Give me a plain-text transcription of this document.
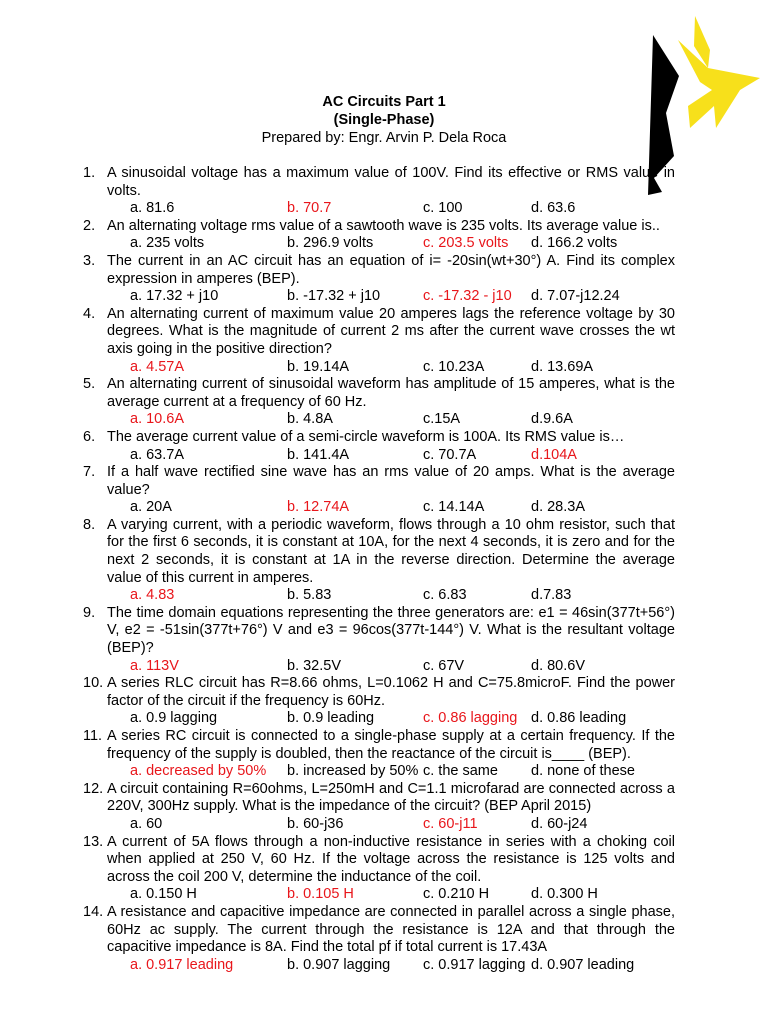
AC Circuits Part 1
(Single-Phase)
Prepared by: Engr. Arvin P. Dela Roca
1. A sinusoidal voltage has a maximum value of 100V. Find its effective or RMS value in volts.
a. 81.6	b. 70.7	c. 100	d. 63.6
2. An alternating voltage rms value of a sawtooth wave is 235 volts. Its average value is..
a. 235 volts	b. 296.9 volts	c. 203.5 volts d. 166.2 volts
3. The current in an AC circuit has an equation of i= -20sin(wt+30°) A. Find its complex expression in amperes (BEP).
a. 17.32 + j10	b. -17.32 + j10	c. -17.32 - j10 d. 7.07-j12.24
4. An alternating current of maximum value 20 amperes lags the reference voltage by 30 degrees. What is the magnitude of current 2 ms after the current wave crosses the wt axis going in the positive direction?
a. 4.57A	b. 19.14A	c. 10.23A	d. 13.69A
5. An alternating current of sinusoidal waveform has amplitude of 15 amperes, what is the average current at a frequency of 60 Hz.
a. 10.6A	b. 4.8A	c.15A	d.9.6A
6. The average current value of a semi-circle waveform is 100A. Its RMS value is…
a. 63.7A	b. 141.4A	c. 70.7A	d.104A
7. If a half wave rectified sine wave has an rms value of 20 amps. What is the average value?
a. 20A	b. 12.74A	c. 14.14A	d. 28.3A
8. A varying current, with a periodic waveform, flows through a 10 ohm resistor, such that for the first 6 seconds, it is constant at 10A, for the next 4 seconds, it is zero and for the next 2 seconds, it is constant at 1A in the reverse direction. Determine the average value of this current in amperes.
a. 4.83	b. 5.83	c. 6.83	d.7.83
9. The time domain equations representing the three generators are: e1 = 46sin(377t+56°) V, e2 = -51sin(377t+76°) V and e3 = 96cos(377t-144°) V. What is the resultant voltage (BEP)?
a. 113V	b. 32.5V	c. 67V	d. 80.6V
10. A series RLC circuit has R=8.66 ohms, L=0.1062 H and C=75.8microF. Find the power factor of the circuit if the frequency is 60Hz.
a. 0.9 lagging	b. 0.9 leading	c. 0.86 lagging d. 0.86 leading
11. A series RC circuit is connected to a single-phase supply at a certain frequency. If the frequency of the supply is doubled, then the reactance of the circuit is____ (BEP).
a. decreased by 50% b. increased by 50% c. the same d. none of these
12. A circuit containing R=60ohms, L=250mH and C=1.1 microfarad are connected across a 220V, 300Hz supply. What is the impedance of the circuit? (BEP April 2015)
a. 60	b. 60-j36	c. 60-j11	d. 60-j24
13. A current of 5A flows through a non-inductive resistance in series with a choking coil when applied at 250 V, 60 Hz. If the voltage across the resistance is 125 volts and across the coil 200 V, determine the inductance of the coil.
a. 0.150 H	b. 0.105 H	c. 0.210 H	d. 0.300 H
14. A resistance and capacitive impedance are connected in parallel across a single phase, 60Hz ac supply. The current through the resistance is 12A and that through the capacitive impedance is 8A. Find the total pf if total current is 17.43A
a. 0.917 leading	b. 0.907 lagging c. 0.917 lagging d. 0.907 leading
